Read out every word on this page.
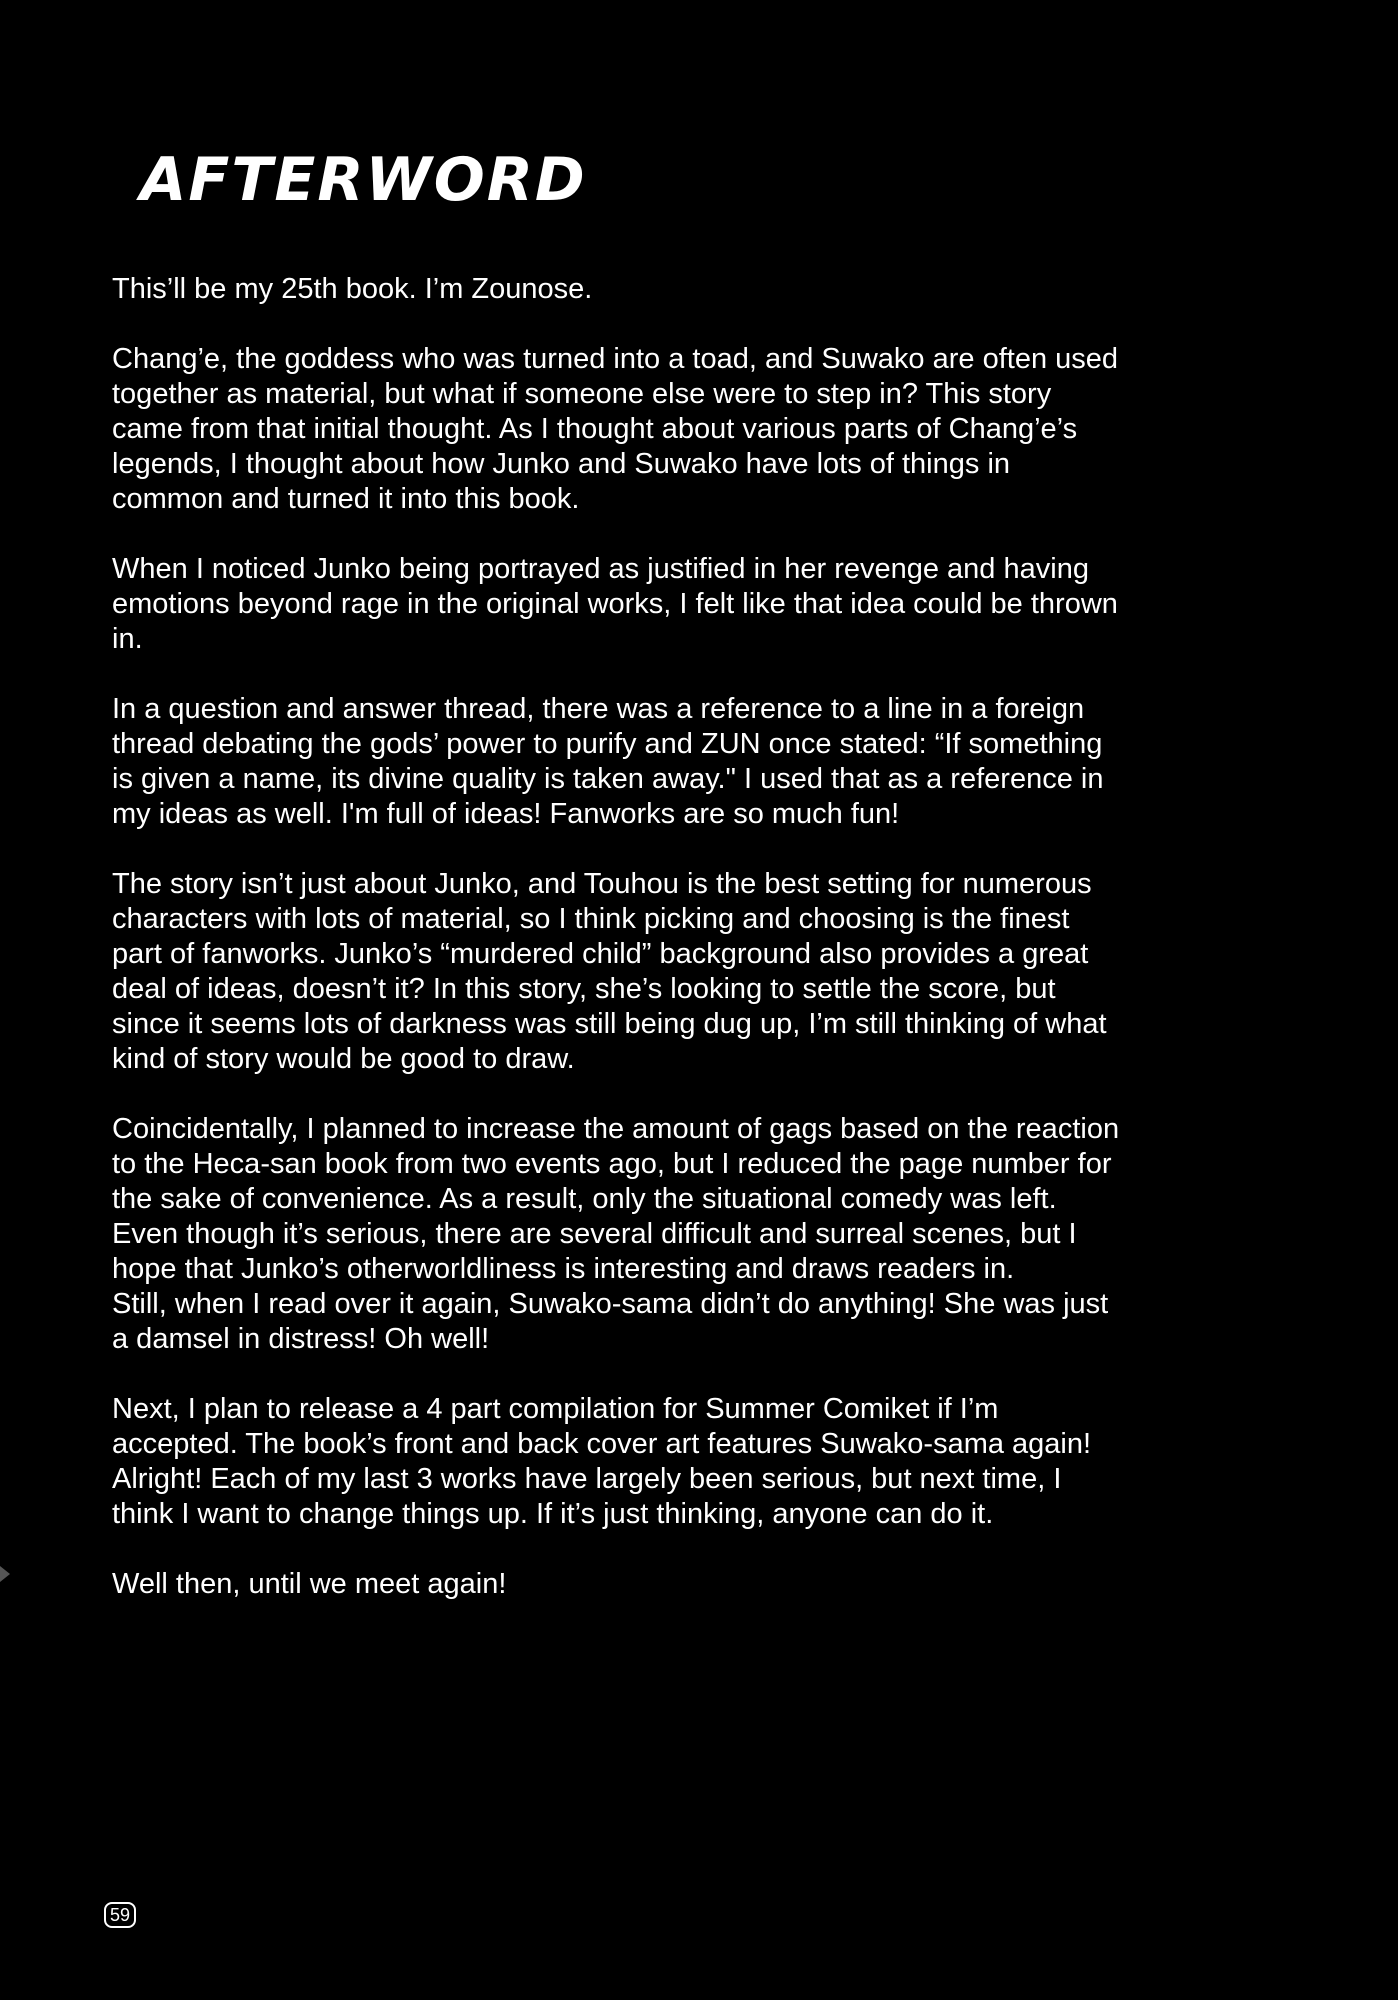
AFTERWORD

This’ll be my 25th book. I’m Zounose.

Chang’e, the goddess who was turned into a toad, and Suwako are often used
together as material, but what if someone else were to step in? This story
came from that initial thought. As I thought about various parts of Chang’e’s
legends, I thought about how Junko and Suwako have lots of things in
common and turned it into this book.

When I noticed Junko being portrayed as justified in her revenge and having
emotions beyond rage in the original works, I felt like that idea could be thrown
in.

In a question and answer thread, there was a reference to a line in a foreign
thread debating the gods’ power to purify and ZUN once stated: “If something
is given a name, its divine quality is taken away." I used that as a reference in
my ideas as well. I'm full of ideas! Fanworks are so much fun!

The story isn’t just about Junko, and Touhou is the best setting for numerous
characters with lots of material, so I think picking and choosing is the finest
part of fanworks. Junko’s “murdered child” background also provides a great
deal of ideas, doesn’t it? In this story, she’s looking to settle the score, but
since it seems lots of darkness was still being dug up, I’m still thinking of what
kind of story would be good to draw.

Coincidentally, I planned to increase the amount of gags based on the reaction
to the Heca-san book from two events ago, but I reduced the page number for
the sake of convenience. As a result, only the situational comedy was left.
Even though it’s serious, there are several difficult and surreal scenes, but I
hope that Junko’s otherworldliness is interesting and draws readers in.
Still, when I read over it again, Suwako-sama didn’t do anything! She was just
a damsel in distress! Oh well!

Next, I plan to release a 4 part compilation for Summer Comiket if I’m
accepted. The book’s front and back cover art features Suwako-sama again!
Alright! Each of my last 3 works have largely been serious, but next time, I
think I want to change things up. If it’s just thinking, anyone can do it.

Well then, until we meet again!

59
